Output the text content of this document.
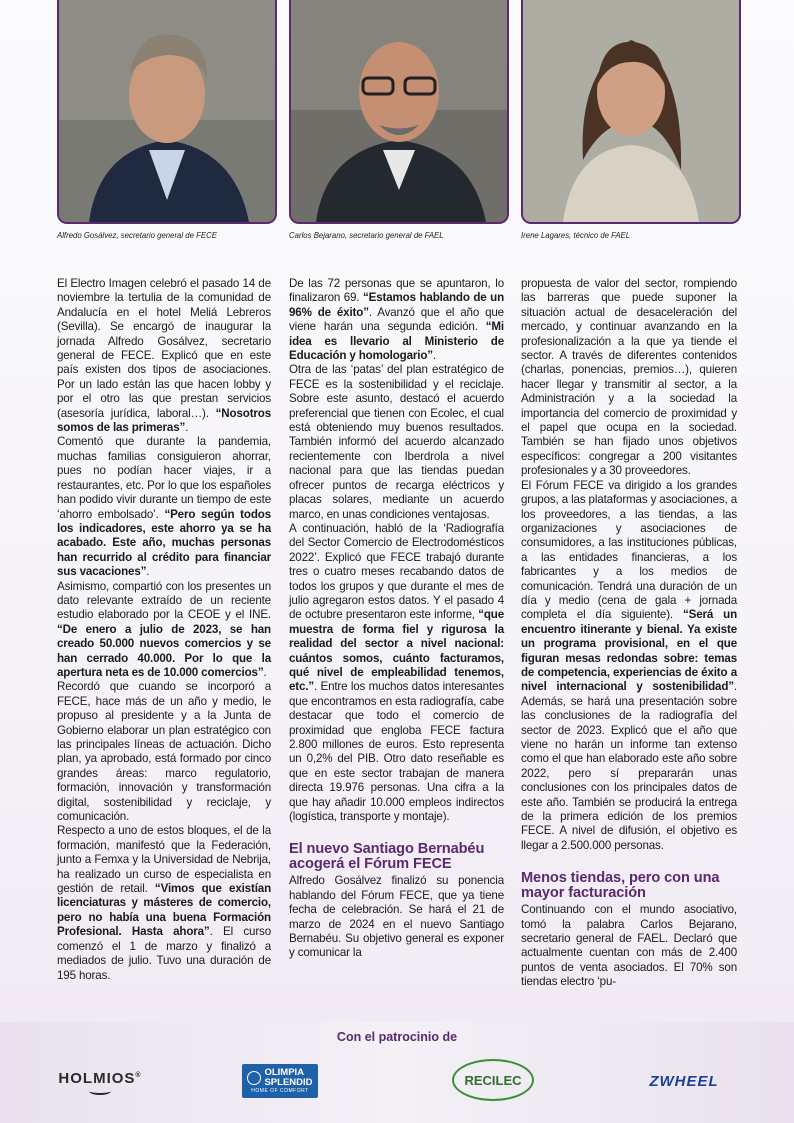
Alfredo Gosálvez, secretario general de FECE	Carlos Bejarano, secretario general de FAEL	Irene Lagares, técnico de FAEL

El Electro Imagen celebró el pasado 14 de noviembre la tertulia de la comunidad de Andalucía en el hotel Meliá Lebreros (Sevilla). Se encargó de inaugurar la jornada Alfredo Gosálvez, secretario general de FECE. Explicó que en este país existen dos tipos de asociaciones. Por un lado están las que hacen lobby y por el otro las que prestan servicios (asesoría jurídica, laboral…). “Nosotros somos de las primeras”.

Comentó que durante la pandemia, muchas familias consiguieron ahorrar, pues no podían hacer viajes, ir a restaurantes, etc. Por lo que los españoles han podido vivir durante un tiempo de este ‘ahorro embolsado’. “Pero según todos los indicadores, este ahorro ya se ha acabado. Este año, muchas personas han recurrido al crédito para financiar sus vacaciones”.

Asimismo, compartió con los presentes un dato relevante extraído de un reciente estudio elaborado por la CEOE y el INE. “De enero a julio de 2023, se han creado 50.000 nuevos comercios y se han cerrado 40.000. Por lo que la apertura neta es de 10.000 comercios”.

Recordó que cuando se incorporó a FECE, hace más de un año y medio, le propuso al presidente y a la Junta de Gobierno elaborar un plan estratégico con las principales líneas de actuación. Dicho plan, ya aprobado, está formado por cinco grandes áreas: marco regulatorio, formación, innovación y transformación digital, sostenibilidad y reciclaje, y comunicación.

Respecto a uno de estos bloques, el de la formación, manifestó que la Federación, junto a Femxa y la Universidad de Nebrija, ha realizado un curso de especialista en gestión de retail. “Vimos que existían licenciaturas y másteres de comercio, pero no había una buena Formación Profesional. Hasta ahora”. El curso comenzó el 1 de marzo y finalizó a mediados de julio. Tuvo una duración de 195 horas.

De las 72 personas que se apuntaron, lo finalizaron 69. “Estamos hablando de un 96% de éxito”. Avanzó que el año que viene harán una segunda edición. “Mi idea es llevario al Ministerio de Educación y homologario”.

Otra de las ‘patas’ del plan estratégico de FECE es la sostenibilidad y el reciclaje. Sobre este asunto, destacó el acuerdo preferencial que tienen con Ecolec, el cual está obteniendo muy buenos resultados. También informó del acuerdo alcanzado recientemente con Iberdrola a nivel nacional para que las tiendas puedan ofrecer puntos de recarga eléctricos y placas solares, mediante un acuerdo marco, en unas condiciones ventajosas.

A continuación, habló de la ‘Radiografía del Sector Comercio de Electrodomésticos 2022’. Explicó que FECE trabajó durante tres o cuatro meses recabando datos de todos los grupos y que durante el mes de julio agregaron estos datos. Y el pasado 4 de octubre presentaron este informe, “que muestra de forma fiel y rigurosa la realidad del sector a nivel nacional: cuántos somos, cuánto facturamos, qué nivel de empleabilidad tenemos, etc.”. Entre los muchos datos interesantes que encontramos en esta radiografía, cabe destacar que todo el comercio de proximidad que engloba FECE factura 2.800 millones de euros. Esto representa un 0,2% del PIB. Otro dato reseñable es que en este sector trabajan de manera directa 19.976 personas. Una cifra a la que hay añadir 10.000 empleos indirectos (logística, transporte y montaje).

El nuevo Santiago Bernabéu acogerá el Fórum FECE

Alfredo Gosálvez finalizó su ponencia hablando del Fórum FECE, que ya tiene fecha de celebración. Se hará el 21 de marzo de 2024 en el nuevo Santiago Bernabéu. Su objetivo general es exponer y comunicar la

propuesta de valor del sector, rompiendo las barreras que puede suponer la situación actual de desaceleración del mercado, y continuar avanzando en la profesionalización a la que ya tiende el sector. A través de diferentes contenidos (charlas, ponencias, premios…), quieren hacer llegar y transmitir al sector, a la Administración y a la sociedad la importancia del comercio de proximidad y el papel que ocupa en la sociedad. También se han fijado unos objetivos específicos: congregar a 200 visitantes profesionales y a 30 proveedores.

El Fórum FECE va dirigido a los grandes grupos, a las plataformas y asociaciones, a los proveedores, a las tiendas, a las organizaciones y asociaciones de consumidores, a las instituciones públicas, a las entidades financieras, a los fabricantes y a los medios de comunicación. Tendrá una duración de un día y medio (cena de gala + jornada completa el día siguiente). “Será un encuentro itinerante y bienal. Ya existe un programa provisional, en el que figuran mesas redondas sobre: temas de competencia, experiencias de éxito a nivel internacional y sostenibilidad”. Además, se hará una presentación sobre las conclusiones de la radiografía del sector de 2023. Explicó que el año que viene no harán un informe tan extenso como el que han elaborado este año sobre 2022, pero sí prepararán unas conclusiones con los principales datos de este año. También se producirá la entrega de la primera edición de los premios FECE. A nivel de difusión, el objetivo es llegar a 2.500.000 personas.

Menos tiendas, pero con una mayor facturación

Continuando con el mundo asociativo, tomó la palabra Carlos Bejarano, secretario general de FAEL. Declaró que actualmente cuentan con más de 2.400 puntos de venta asociados. El 70% son tiendas electro ‘pu-

Con el patrocinio de
HOLMIOS®	OLIMPIA
SPLENDID
HOME OF COMFORT
RECILEC	ZWHEEL
